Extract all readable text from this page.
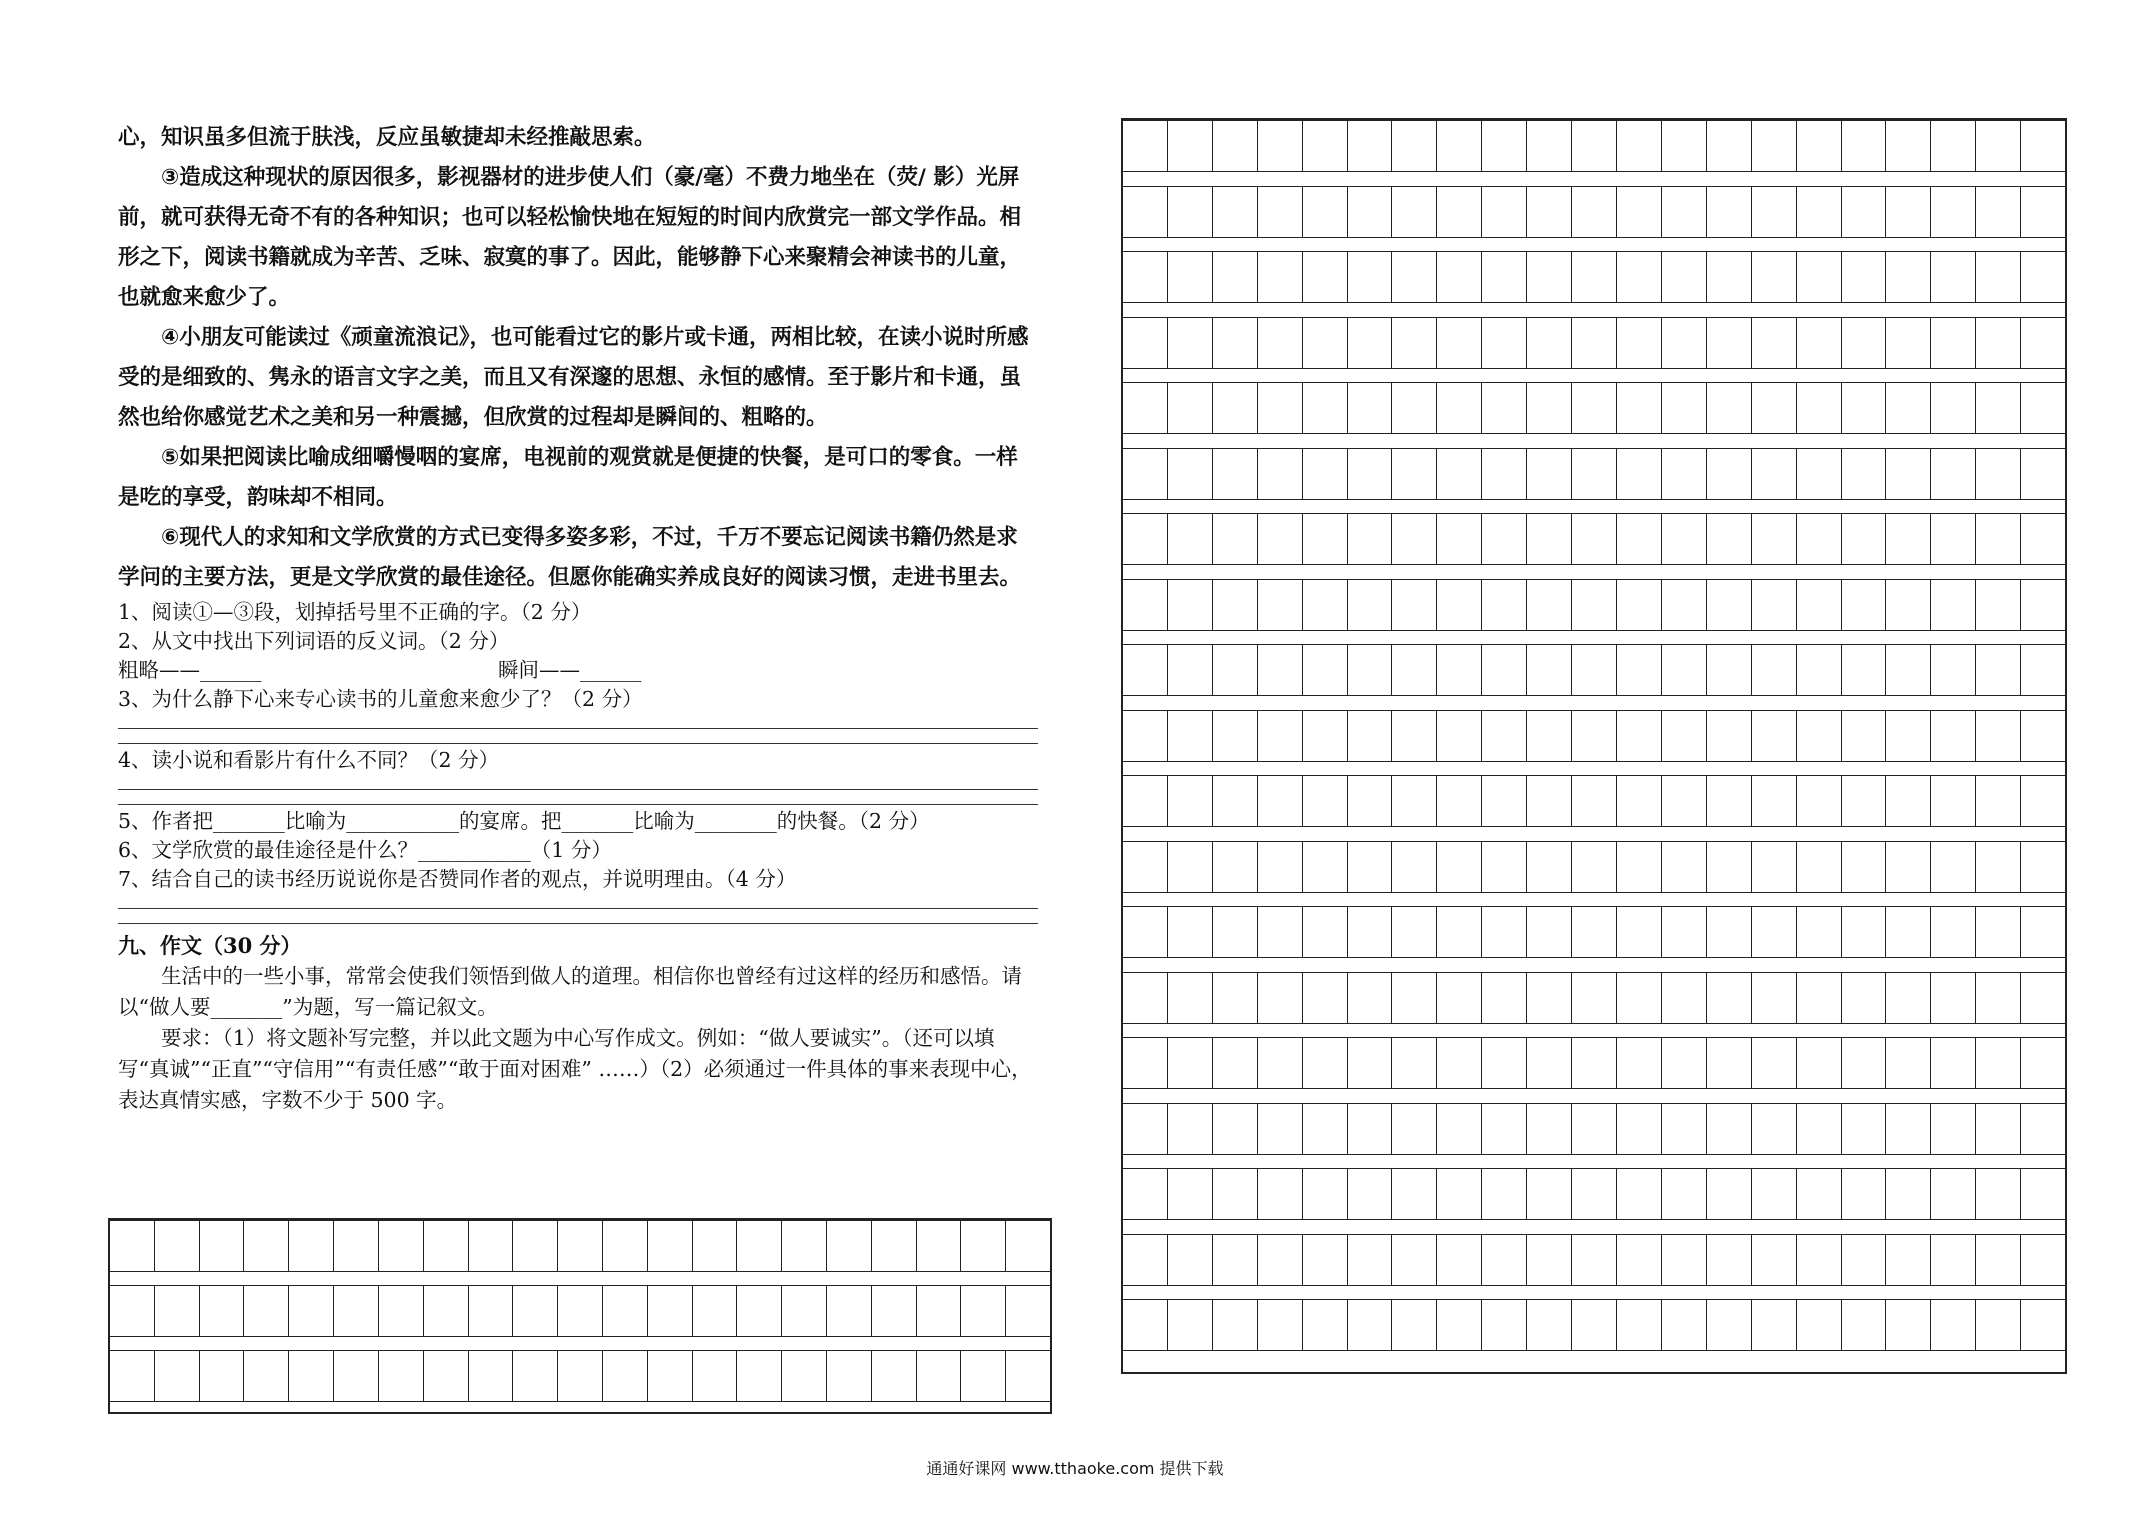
心，知识虽多但流于肤浅，反应虽敏捷却未经推敲思索。

③造成这种现状的原因很多，影视器材的进步使人们（豪/毫）不费力地坐在（荧/ 影）光屏前，就可获得无奇不有的各种知识；也可以轻松愉快地在短短的时间内欣赏完一部文学作品。相形之下，阅读书籍就成为辛苦、乏味、寂寞的事了。因此，能够静下心来聚精会神读书的儿童，也就愈来愈少了。

④小朋友可能读过《顽童流浪记》，也可能看过它的影片或卡通，两相比较，在读小说时所感受的是细致的、隽永的语言文字之美，而且又有深邃的思想、永恒的感情。至于影片和卡通，虽然也给你感觉艺术之美和另一种震撼，但欣赏的过程却是瞬间的、粗略的。

⑤如果把阅读比喻成细嚼慢咽的宴席，电视前的观赏就是便捷的快餐，是可口的零食。一样是吃的享受，韵味却不相同。

⑥现代人的求知和文学欣赏的方式已变得多姿多彩，不过，千万不要忘记阅读书籍仍然是求学问的主要方法，更是文学欣赏的最佳途径。但愿你能确实养成良好的阅读习惯，走进书里去。

1、阅读①—③段，划掉括号里不正确的字。（2 分）

2、从文中找出下列词语的反义词。（2 分）

粗略——______	瞬间——______

3、为什么静下心来专心读书的儿童愈来愈少了？（2 分）

4、读小说和看影片有什么不同？（2 分）

5、作者把_______比喻为___________的宴席。把_______比喻为________的快餐。（2 分）

6、文学欣赏的最佳途径是什么？___________（1 分）

7、结合自己的读书经历说说你是否赞同作者的观点，并说明理由。（4 分）

九、作文（30 分）

生活中的一些小事，常常会使我们领悟到做人的道理。相信你也曾经有过这样的经历和感悟。请以“做人要_______”为题，写一篇记叙文。

要求：（1）将文题补写完整，并以此文题为中心写作成文。例如：“做人要诚实”。（还可以填写“真诚”“正直”“守信用”“有责任感”“敢于面对困难” ……）（2）必须通过一件具体的事来表现中心，表达真情实感，字数不少于 500 字。

通通好课网 www.tthaoke.com 提供下载
